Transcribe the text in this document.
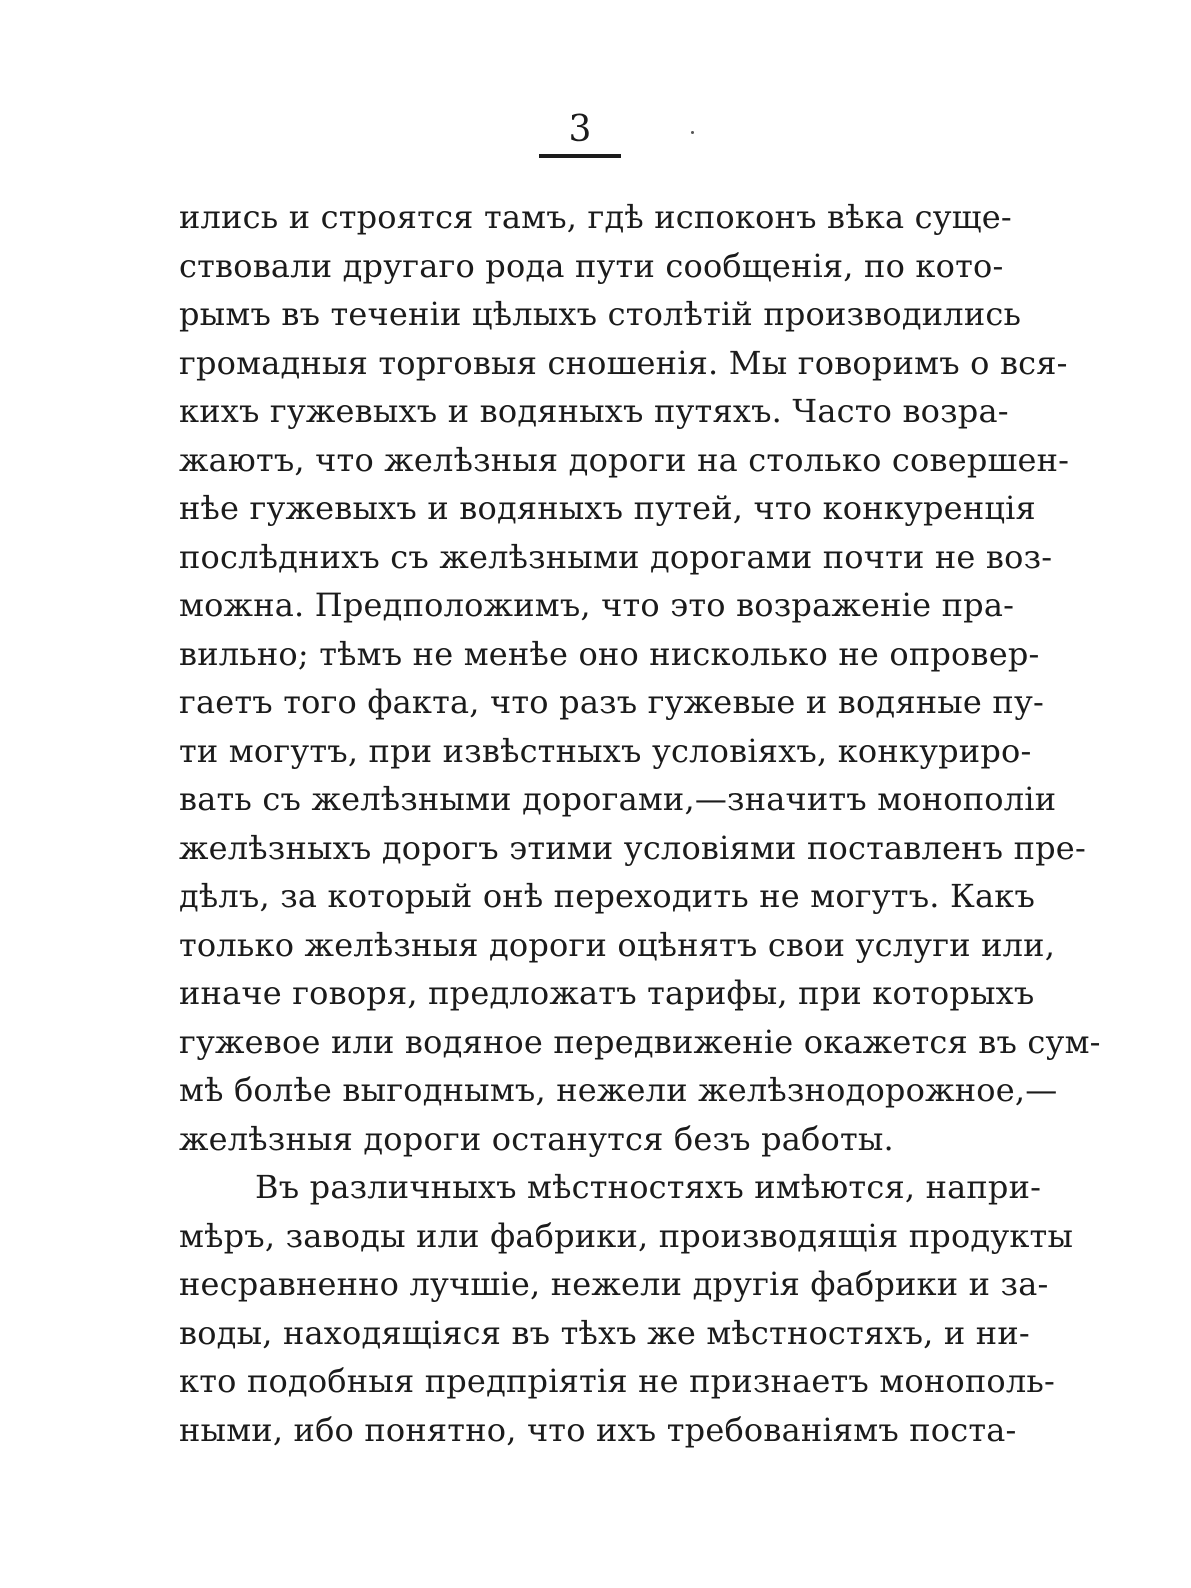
3
ились и строятся тамъ, гдѣ испоконъ вѣка суще-
ствовали другаго рода пути сообщенія, по кото-
рымъ въ теченіи цѣлыхъ столѣтій производились
громадныя торговыя сношенія. Мы говоримъ о вся-
кихъ гужевыхъ и водяныхъ путяхъ. Часто возра-
жаютъ, что желѣзныя дороги на столько совершен-
нѣе гужевыхъ и водяныхъ путей, что конкуренція
послѣднихъ съ желѣзными дорогами почти не воз-
можна. Предположимъ, что это возраженіе пра-
вильно; тѣмъ не менѣе оно нисколько не опровер-
гаетъ того факта, что разъ гужевые и водяные пу-
ти могутъ, при извѣстныхъ условіяхъ, конкуриро-
вать съ желѣзными дорогами,—значитъ монополіи
желѣзныхъ дорогъ этими условіями поставленъ пре-
дѣлъ, за который онѣ переходить не могутъ. Какъ
только желѣзныя дороги оцѣнятъ свои услуги или,
иначе говоря, предложатъ тарифы, при которыхъ
гужевое или водяное передвиженіе окажется въ сум-
мѣ болѣе выгоднымъ, нежели желѣзнодорожное,—
желѣзныя дороги останутся безъ работы.
Въ различныхъ мѣстностяхъ имѣются, напри-
мѣръ, заводы или фабрики, производящія продукты
несравненно лучшіе, нежели другія фабрики и за-
воды, находящіяся въ тѣхъ же мѣстностяхъ, и ни-
кто подобныя предпріятія не признаетъ монополь-
ными, ибо понятно, что ихъ требованіямъ поста-
